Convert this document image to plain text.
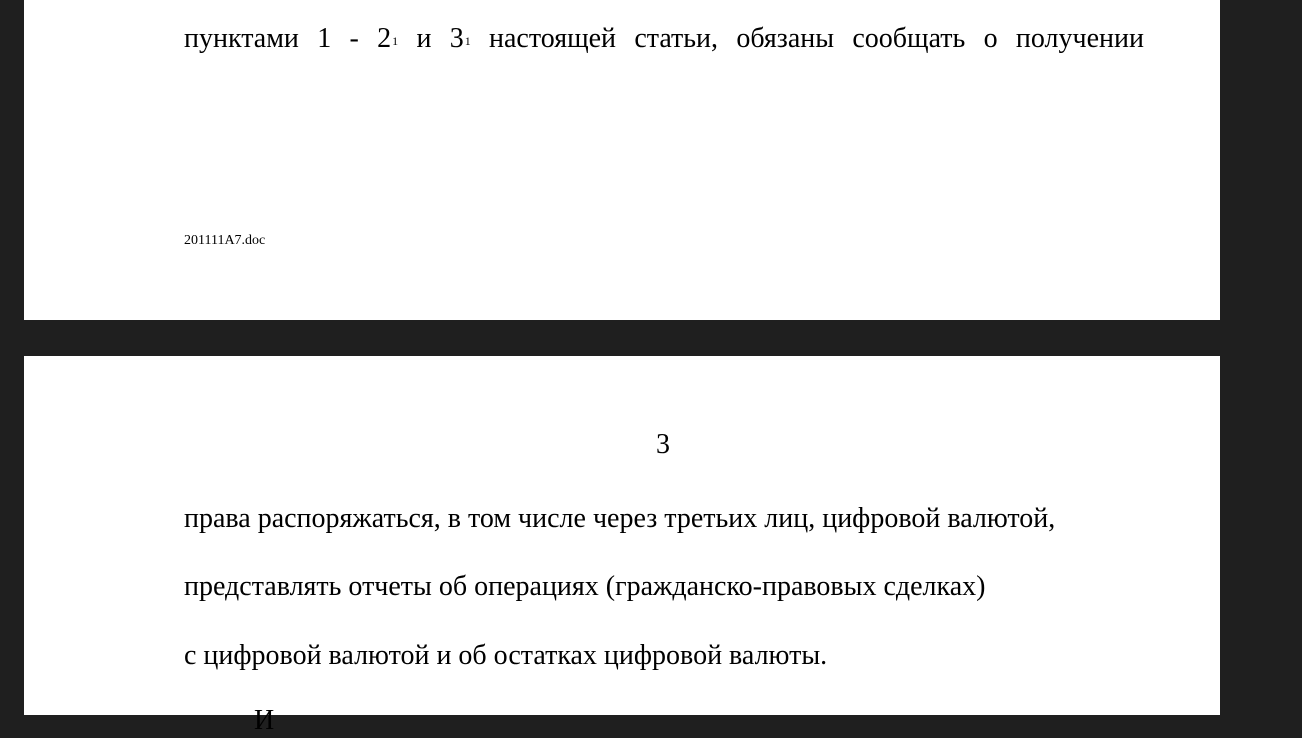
пунктами $1 - 2^1$ и $3^1$ настоящей статьи, обязаны сообщать о получении
201111A7.doc
3
права распоряжаться, в том числе через третьих лиц, цифровой валютой,
представлять отчеты об операциях (гражданско-правовых сделках)
с цифровой валютой и об остатках цифровой валюты.
И
